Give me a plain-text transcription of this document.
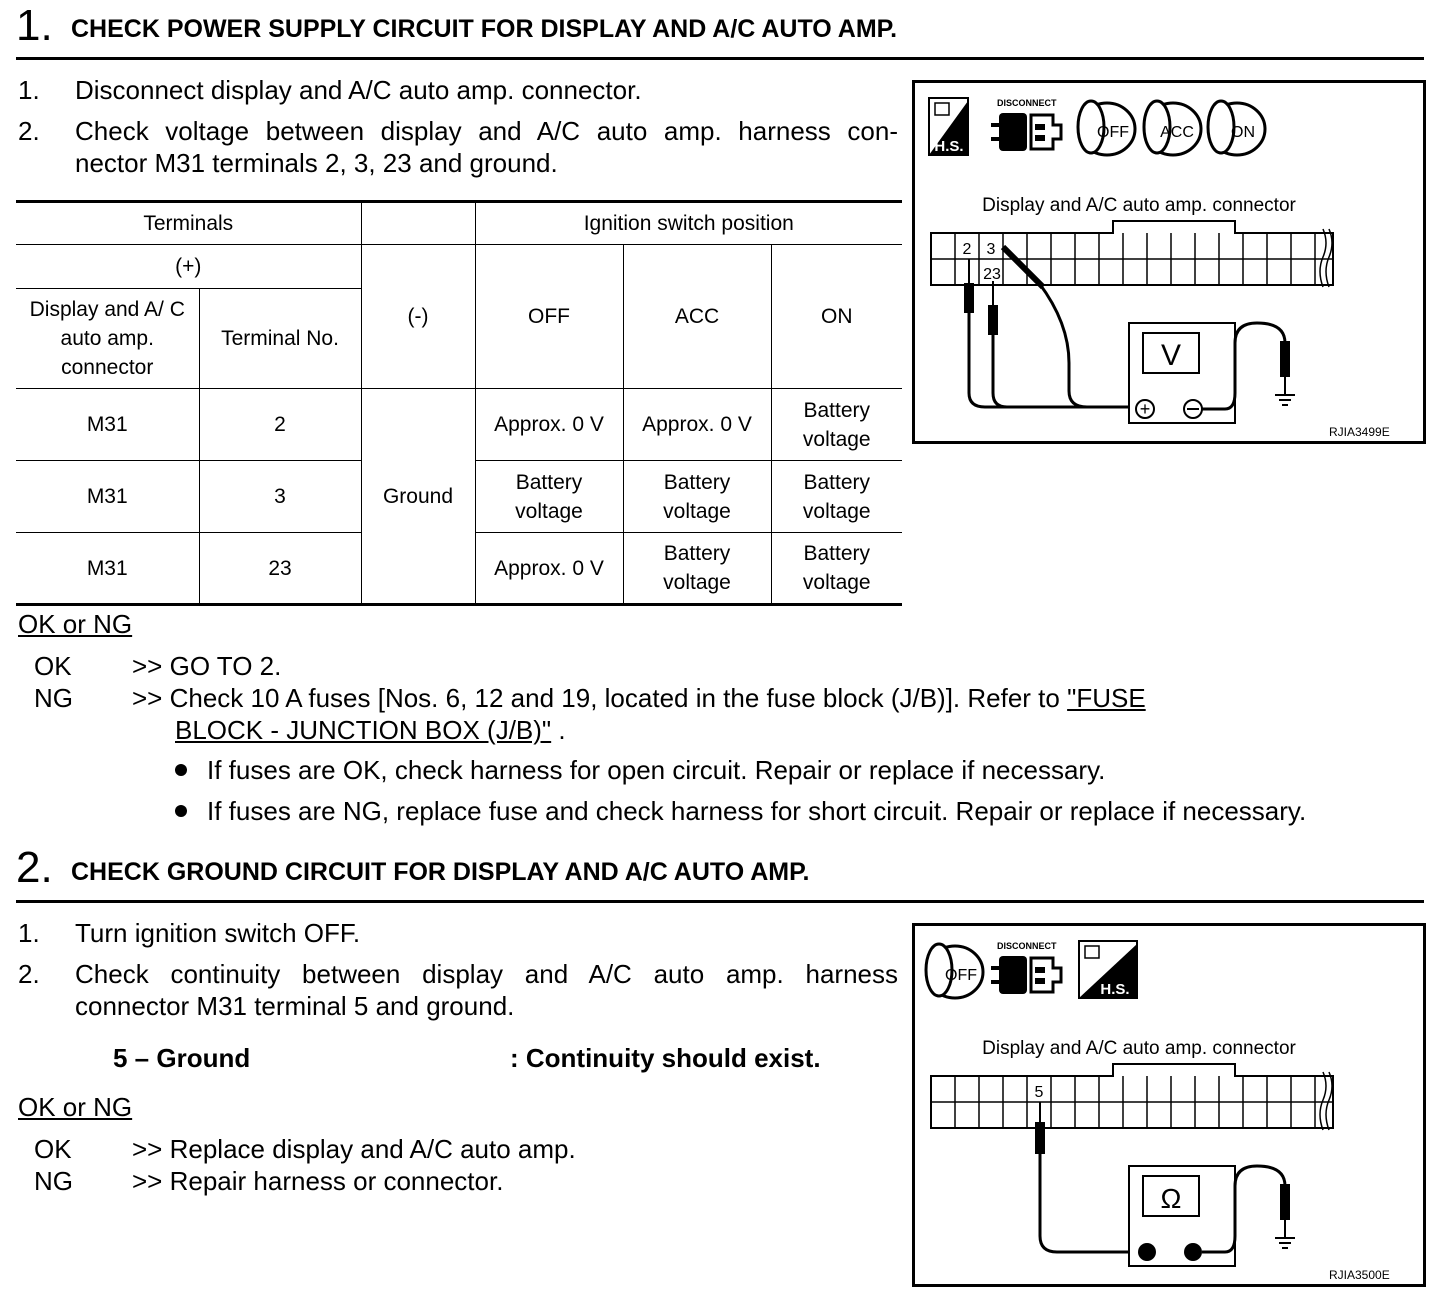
1. CHECK POWER SUPPLY CIRCUIT FOR DISPLAY AND A/C AUTO AMP.
1. Disconnect display and A/C auto amp. connector.
2. Check voltage between display and A/C auto amp. harness con-
nector M31 terminals 2, 3, 23 and ground.
Terminals			Ignition switch position		
(+)		(-)	OFF	ACC	ON
Display and A/ C auto amp. connector	Terminal No.				
M31	2	Ground	Approx. 0 V	Approx. 0 V	Battery voltage
M31	3		Battery voltage	Battery voltage	Battery voltage
M31	23		Approx. 0 V	Battery voltage	Battery voltage
OK or NG
OK >> GO TO 2.
NG >> Check 10 A fuses [Nos. 6, 12 and 19, located in the fuse block (J/B)]. Refer to "FUSE
BLOCK - JUNCTION BOX (J/B)" .
If fuses are OK, check harness for open circuit. Repair or replace if necessary.
If fuses are NG, replace fuse and check harness for short circuit. Repair or replace if necessary.
H.S.
DISCONNECT
OFF ACC ON
Display and A/C auto amp. connector
2 3
23
V
+
RJIA3499E
2. CHECK GROUND CIRCUIT FOR DISPLAY AND A/C AUTO AMP.
1. Turn ignition switch OFF.
2. Check continuity between display and A/C auto amp. harness
connector M31 terminal 5 and ground.
5 – Ground	: Continuity should exist.
OK or NG
OK >> Replace display and A/C auto amp.
NG >> Repair harness or connector.
OFF
DISCONNECT
H.S.
Display and A/C auto amp. connector
5
Ω
RJIA3500E
